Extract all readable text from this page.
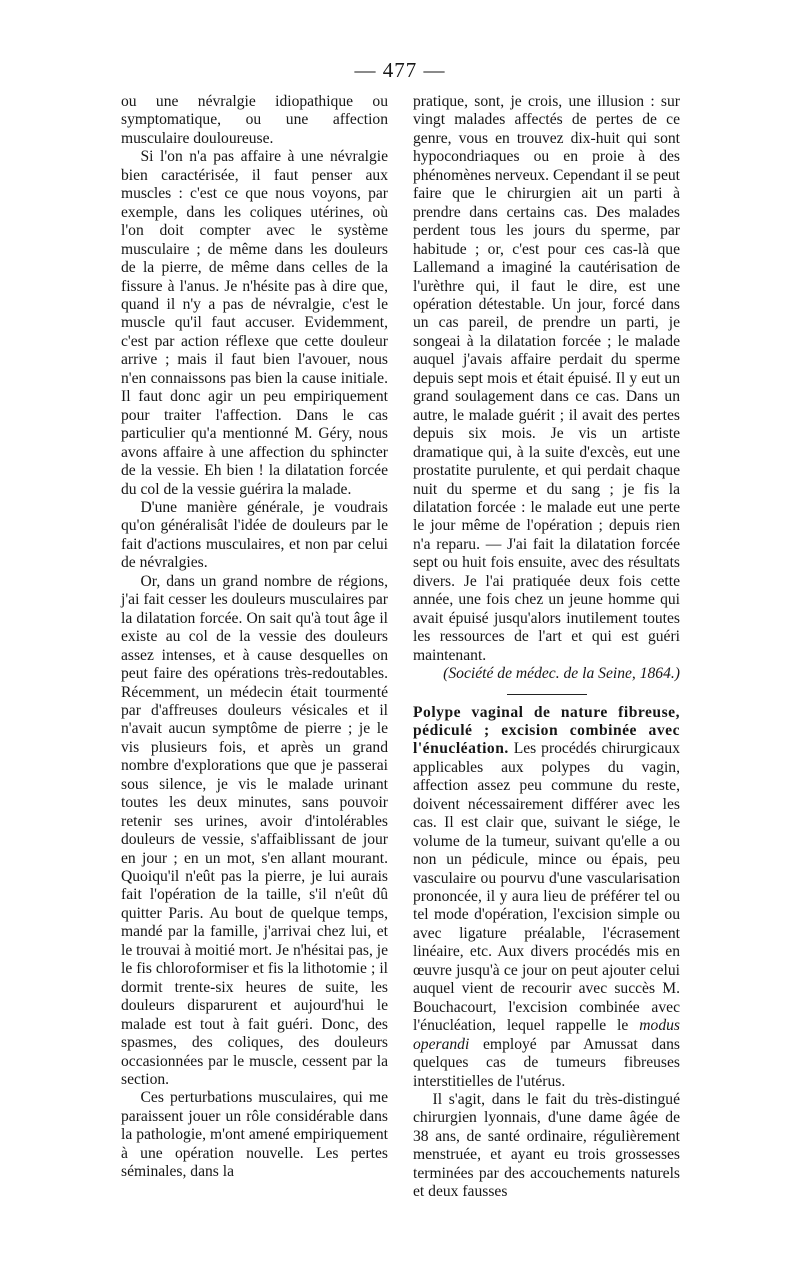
— 477 —

ou une névralgie idiopathique ou symptomatique, ou une affection musculaire douloureuse.

Si l'on n'a pas affaire à une névralgie bien caractérisée, il faut penser aux muscles : c'est ce que nous voyons, par exemple, dans les coliques utérines, où l'on doit compter avec le système musculaire ; de même dans les douleurs de la pierre, de même dans celles de la fissure à l'anus. Je n'hésite pas à dire que, quand il n'y a pas de névralgie, c'est le muscle qu'il faut accuser. Evidemment, c'est par action réflexe que cette douleur arrive ; mais il faut bien l'avouer, nous n'en connaissons pas bien la cause initiale. Il faut donc agir un peu empiriquement pour traiter l'affection. Dans le cas particulier qu'a mentionné M. Géry, nous avons affaire à une affection du sphincter de la vessie. Eh bien ! la dilatation forcée du col de la vessie guérira la malade.

D'une manière générale, je voudrais qu'on généralisât l'idée de douleurs par le fait d'actions musculaires, et non par celui de névralgies.

Or, dans un grand nombre de régions, j'ai fait cesser les douleurs musculaires par la dilatation forcée. On sait qu'à tout âge il existe au col de la vessie des douleurs assez intenses, et à cause desquelles on peut faire des opérations très-redoutables. Récemment, un médecin était tourmenté par d'affreuses douleurs vésicales et il n'avait aucun symptôme de pierre ; je le vis plusieurs fois, et après un grand nombre d'explorations que que je passerai sous silence, je vis le malade urinant toutes les deux minutes, sans pouvoir retenir ses urines, avoir d'intolérables douleurs de vessie, s'affaiblissant de jour en jour ; en un mot, s'en allant mourant. Quoiqu'il n'eût pas la pierre, je lui aurais fait l'opération de la taille, s'il n'eût dû quitter Paris. Au bout de quelque temps, mandé par la famille, j'arrivai chez lui, et le trouvai à moitié mort. Je n'hésitai pas, je le fis chloroformiser et fis la lithotomie ; il dormit trente-six heures de suite, les douleurs disparurent et aujourd'hui le malade est tout à fait guéri. Donc, des spasmes, des coliques, des douleurs occasionnées par le muscle, cessent par la section.

Ces perturbations musculaires, qui me paraissent jouer un rôle considérable dans la pathologie, m'ont amené empiriquement à une opération nouvelle. Les pertes séminales, dans la

pratique, sont, je crois, une illusion : sur vingt malades affectés de pertes de ce genre, vous en trouvez dix-huit qui sont hypocondriaques ou en proie à des phénomènes nerveux. Cependant il se peut faire que le chirurgien ait un parti à prendre dans certains cas. Des malades perdent tous les jours du sperme, par habitude ; or, c'est pour ces cas-là que Lallemand a imaginé la cautérisation de l'urèthre qui, il faut le dire, est une opération détestable. Un jour, forcé dans un cas pareil, de prendre un parti, je songeai à la dilatation forcée ; le malade auquel j'avais affaire perdait du sperme depuis sept mois et était épuisé. Il y eut un grand soulagement dans ce cas. Dans un autre, le malade guérit ; il avait des pertes depuis six mois. Je vis un artiste dramatique qui, à la suite d'excès, eut une prostatite purulente, et qui perdait chaque nuit du sperme et du sang ; je fis la dilatation forcée : le malade eut une perte le jour même de l'opération ; depuis rien n'a reparu. — J'ai fait la dilatation forcée sept ou huit fois ensuite, avec des résultats divers. Je l'ai pratiquée deux fois cette année, une fois chez un jeune homme qui avait épuisé jusqu'alors inutilement toutes les ressources de l'art et qui est guéri maintenant.

(Société de médec. de la Seine, 1864.)

Polype vaginal de nature fibreuse, pédiculé ; excision combinée avec l'énucléation. Les procédés chirurgicaux applicables aux polypes du vagin, affection assez peu commune du reste, doivent nécessairement différer avec les cas. Il est clair que, suivant le siége, le volume de la tumeur, suivant qu'elle a ou non un pédicule, mince ou épais, peu vasculaire ou pourvu d'une vascularisation prononcée, il y aura lieu de préférer tel ou tel mode d'opération, l'excision simple ou avec ligature préalable, l'écrasement linéaire, etc. Aux divers procédés mis en œuvre jusqu'à ce jour on peut ajouter celui auquel vient de recourir avec succès M. Bouchacourt, l'excision combinée avec l'énucléation, lequel rappelle le modus operandi employé par Amussat dans quelques cas de tumeurs fibreuses interstitielles de l'utérus.

Il s'agit, dans le fait du très-distingué chirurgien lyonnais, d'une dame âgée de 38 ans, de santé ordinaire, régulièrement menstruée, et ayant eu trois grossesses terminées par des accouchements naturels et deux fausses
